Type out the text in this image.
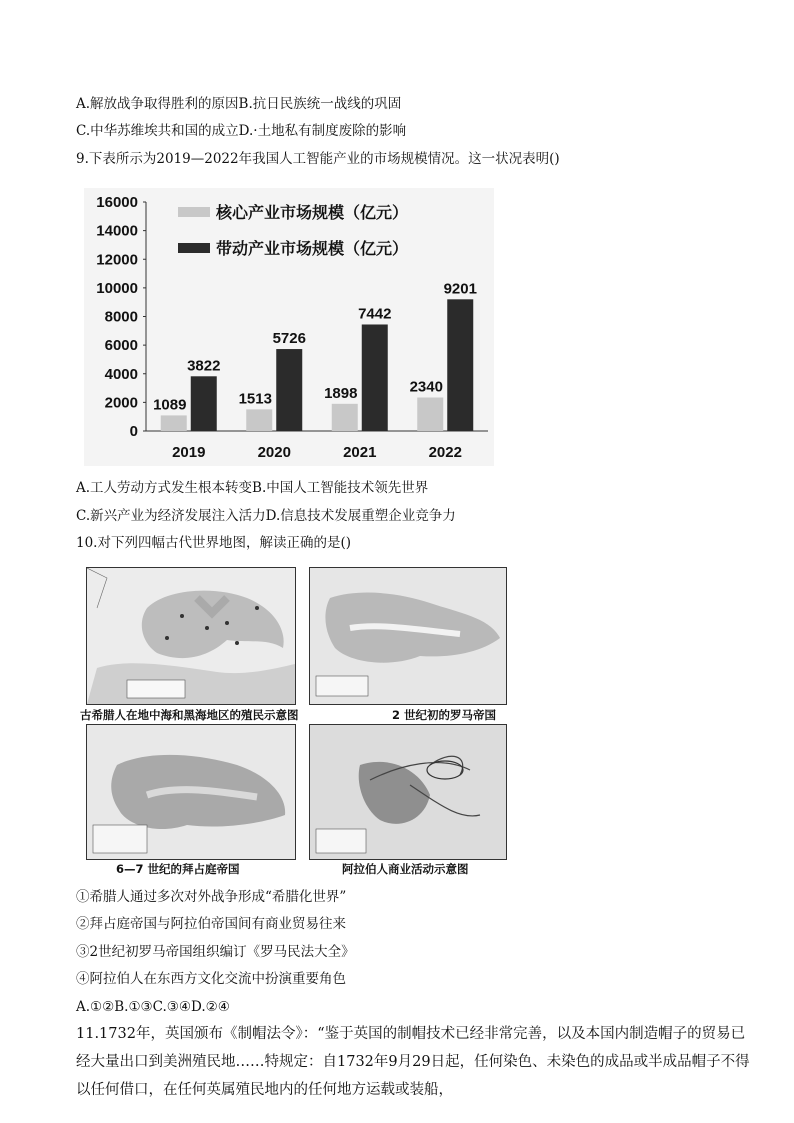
A.解放战争取得胜利的原因B.抗日民族统一战线的巩固
C.中华苏维埃共和国的成立D.·土地私有制度废除的影响
9.下表所示为2019—2022年我国人工智能产业的市场规模情况。这一状况表明()
0
2000
4000
6000
8000
10000
12000
14000
16000
2019	2020	2021	2022
1089
3822
1513
5726
1898
7442
2340
9201
核心产业市场规模（亿元）
带动产业市场规模（亿元）
A.工人劳动方式发生根本转变B.中国人工智能技术领先世界
C.新兴产业为经济发展注入活力D.信息技术发展重塑企业竞争力
10.对下列四幅古代世界地图，解读正确的是()
古希腊人在地中海和黑海地区的殖民示意图	2 世纪初的罗马帝国
6—7 世纪的拜占庭帝国	阿拉伯人商业活动示意图
①希腊人通过多次对外战争形成“希腊化世界”
②拜占庭帝国与阿拉伯帝国间有商业贸易往来
③2世纪初罗马帝国组织编订《罗马民法大全》
④阿拉伯人在东西方文化交流中扮演重要角色
A.①②B.①③C.③④D.②④
11.1732年，英国颁布《制帽法令》：“鉴于英国的制帽技术已经非常完善，以及本国内制造帽子的贸易已
经大量出口到美洲殖民地……特规定：自1732年9月29日起，任何染色、未染色的成品或半成品帽子不得
以任何借口，在任何英属殖民地内的任何地方运载或装船，
